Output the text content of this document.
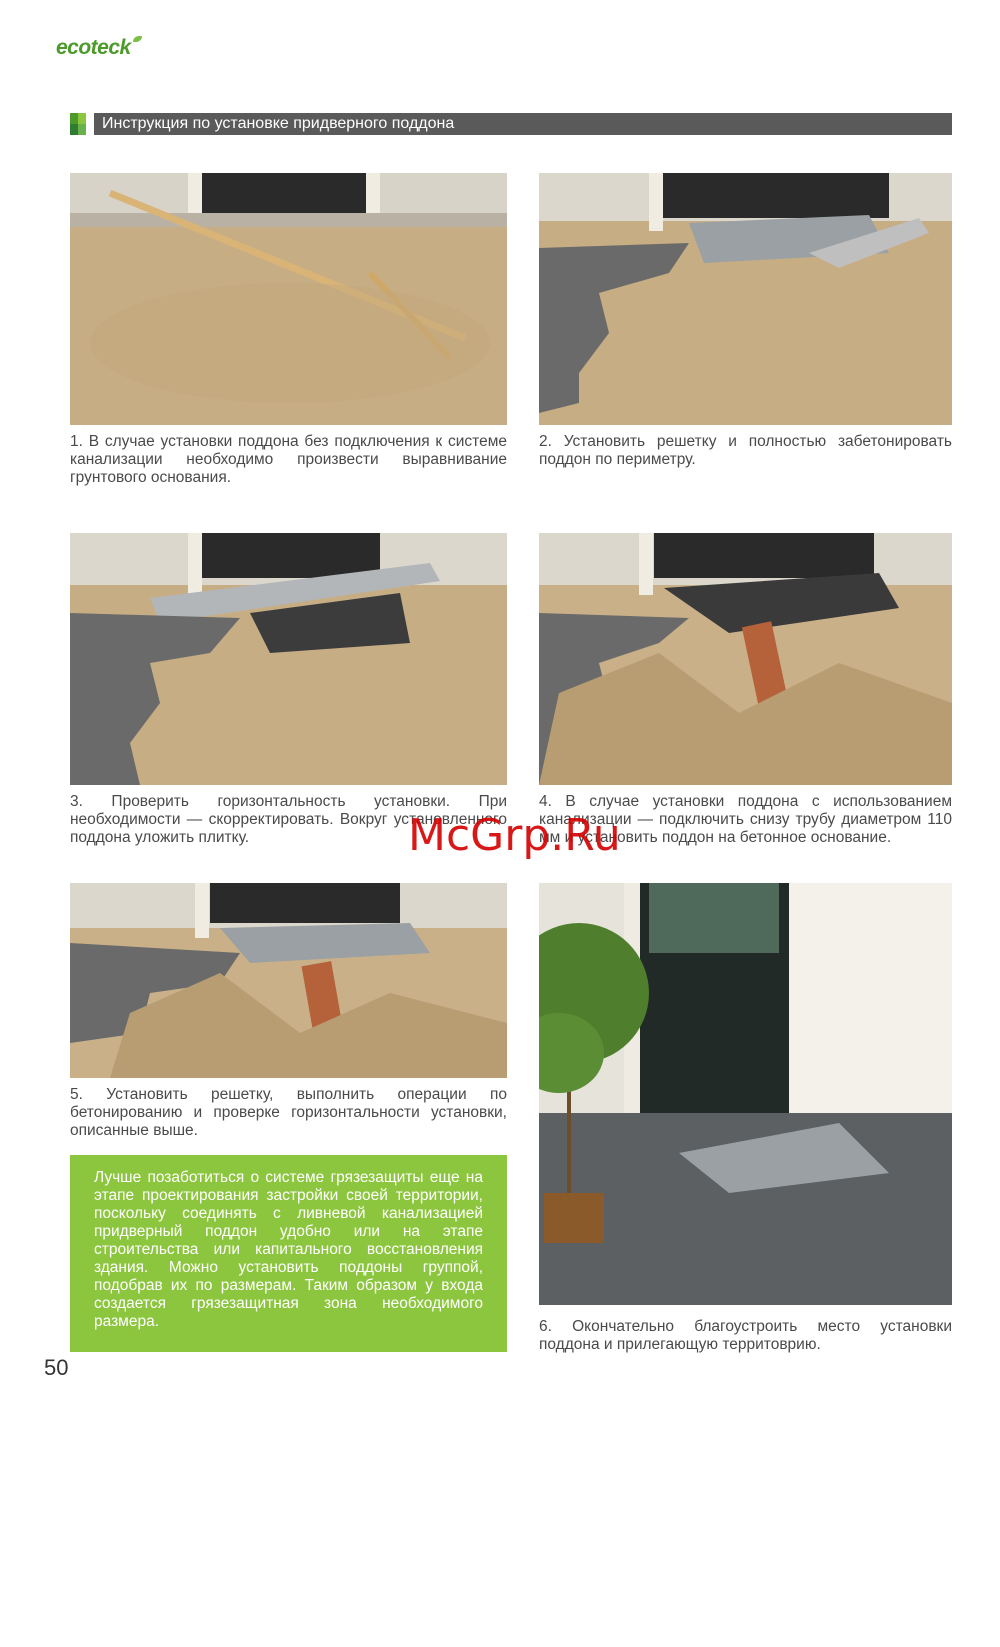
ecoteck
Инструкция по установке придверного поддона
1. В случае установки поддона без подключения к системе канализации необходимо произвести выравнивание грунтового основания.
2. Установить решетку и полностью забетонировать поддон по периметру.
3. Проверить горизонтальность установки. При необходимости — скорректировать. Вокруг установленного поддона уложить плитку.
4. В случае установки поддона с использованием канализации — подключить снизу трубу диаметром 110 мм и установить поддон на бетонное основание.
5. Установить решетку, выполнить операции по бетонированию и проверке горизонтальности установки, описанные выше.
6. Окончательно благоустроить место установки поддона и прилегающую территоврию.
Лучше позаботиться о системе грязезащиты еще на этапе проектирования застройки своей территории, поскольку соединять с ливневой канализацией придверный поддон удобно или на этапе строительства или капитального восстановления здания. Можно установить поддоны группой, подобрав их по размерам. Таким образом у входа создается грязезащитная зона необходимого размера.
50
McGrp.Ru
